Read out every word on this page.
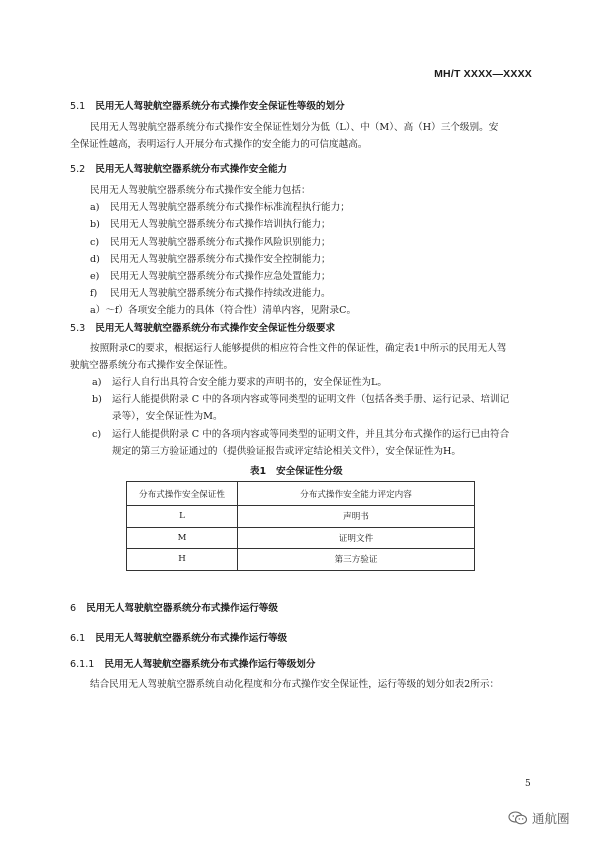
MH/T XXXX—XXXX
5.1 民用无人驾驶航空器系统分布式操作安全保证性等级的划分
民用无人驾驶航空器系统分布式操作安全保证性划分为低（L）、中（M）、高（H）三个级别。安
全保证性越高，表明运行人开展分布式操作的安全能力的可信度越高。
5.2 民用无人驾驶航空器系统分布式操作安全能力
民用无人驾驶航空器系统分布式操作安全能力包括：
a) 民用无人驾驶航空器系统分布式操作标准流程执行能力；
b) 民用无人驾驶航空器系统分布式操作培训执行能力；
c) 民用无人驾驶航空器系统分布式操作风险识别能力；
d) 民用无人驾驶航空器系统分布式操作安全控制能力；
e) 民用无人驾驶航空器系统分布式操作应急处置能力；
f) 民用无人驾驶航空器系统分布式操作持续改进能力。
a）～f）各项安全能力的具体（符合性）清单内容，见附录C。
5.3 民用无人驾驶航空器系统分布式操作安全保证性分级要求
按照附录C的要求，根据运行人能够提供的相应符合性文件的保证性，确定表1中所示的民用无人驾
驶航空器系统分布式操作安全保证性。
a) 运行人自行出具符合安全能力要求的声明书的，安全保证性为L。
b) 运行人能提供附录 C 中的各项内容或等同类型的证明文件（包括各类手册、运行记录、培训记
录等），安全保证性为M。
c) 运行人能提供附录 C 中的各项内容或等同类型的证明文件，并且其分布式操作的运行已由符合
规定的第三方验证通过的（提供验证报告或评定结论相关文件），安全保证性为H。
表1 安全保证性分级
分布式操作安全保证性	分布式操作安全能力评定内容
L	声明书
M	证明文件
H	第三方验证
6 民用无人驾驶航空器系统分布式操作运行等级
6.1 民用无人驾驶航空器系统分布式操作运行等级
6.1.1 民用无人驾驶航空器系统分布式操作运行等级划分
结合民用无人驾驶航空器系统自动化程度和分布式操作安全保证性，运行等级的划分如表2所示：
5
通航圈
